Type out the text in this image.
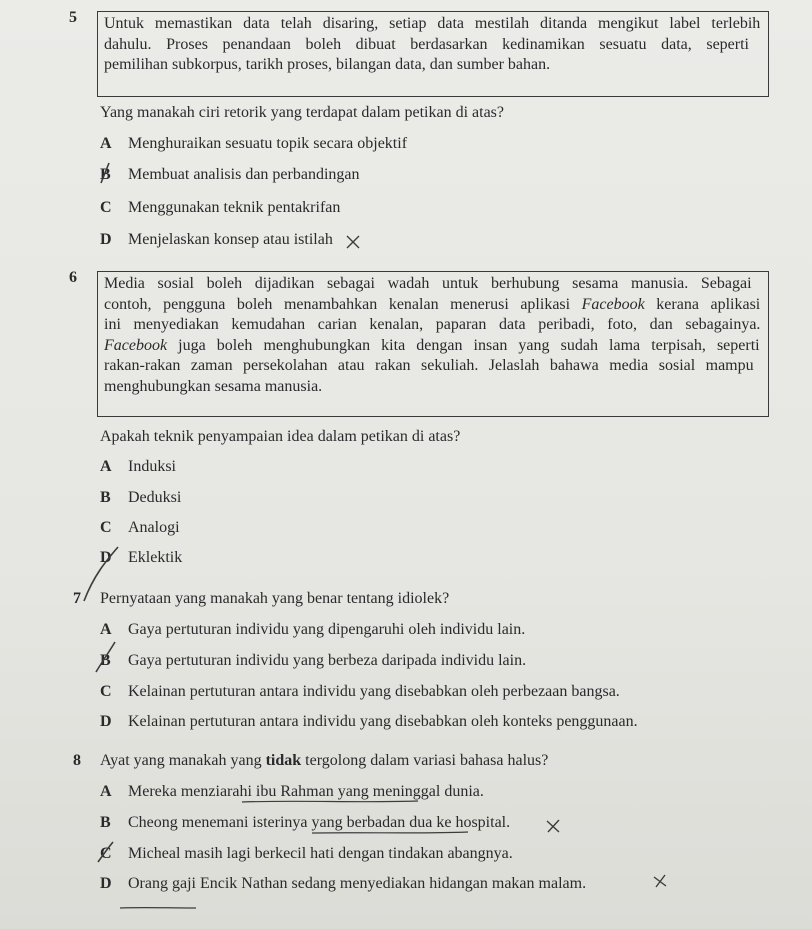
5 Untuk memastikan data telah disaring, setiap data mestilah ditanda mengikut label terlebih
dahulu. Proses penandaan boleh dibuat berdasarkan kedinamikan sesuatu data, seperti
pemilihan subkorpus, tarikh proses, bilangan data, dan sumber bahan.
Yang manakah ciri retorik yang terdapat dalam petikan di atas?
A Menghuraikan sesuatu topik secara objektif
B Membuat analisis dan perbandingan
C Menggunakan teknik pentakrifan
D Menjelaskan konsep atau istilah
6 Media sosial boleh dijadikan sebagai wadah untuk berhubung sesama manusia. Sebagai
contoh, pengguna boleh menambahkan kenalan menerusi aplikasi Facebook kerana aplikasi
ini menyediakan kemudahan carian kenalan, paparan data peribadi, foto, dan sebagainya.
Facebook juga boleh menghubungkan kita dengan insan yang sudah lama terpisah, seperti
rakan-rakan zaman persekolahan atau rakan sekuliah. Jelaslah bahawa media sosial mampu
menghubungkan sesama manusia.
Apakah teknik penyampaian idea dalam petikan di atas?
A Induksi
B Deduksi
C Analogi
D Eklektik
7 Pernyataan yang manakah yang benar tentang idiolek?
A Gaya pertuturan individu yang dipengaruhi oleh individu lain.
B Gaya pertuturan individu yang berbeza daripada individu lain.
C Kelainan pertuturan antara individu yang disebabkan oleh perbezaan bangsa.
D Kelainan pertuturan antara individu yang disebabkan oleh konteks penggunaan.
8 Ayat yang manakah yang tidak tergolong dalam variasi bahasa halus?
A Mereka menziarahi ibu Rahman yang meninggal dunia.
B Cheong menemani isterinya yang berbadan dua ke hospital.
C Micheal masih lagi berkecil hati dengan tindakan abangnya.
D Orang gaji Encik Nathan sedang menyediakan hidangan makan malam.
